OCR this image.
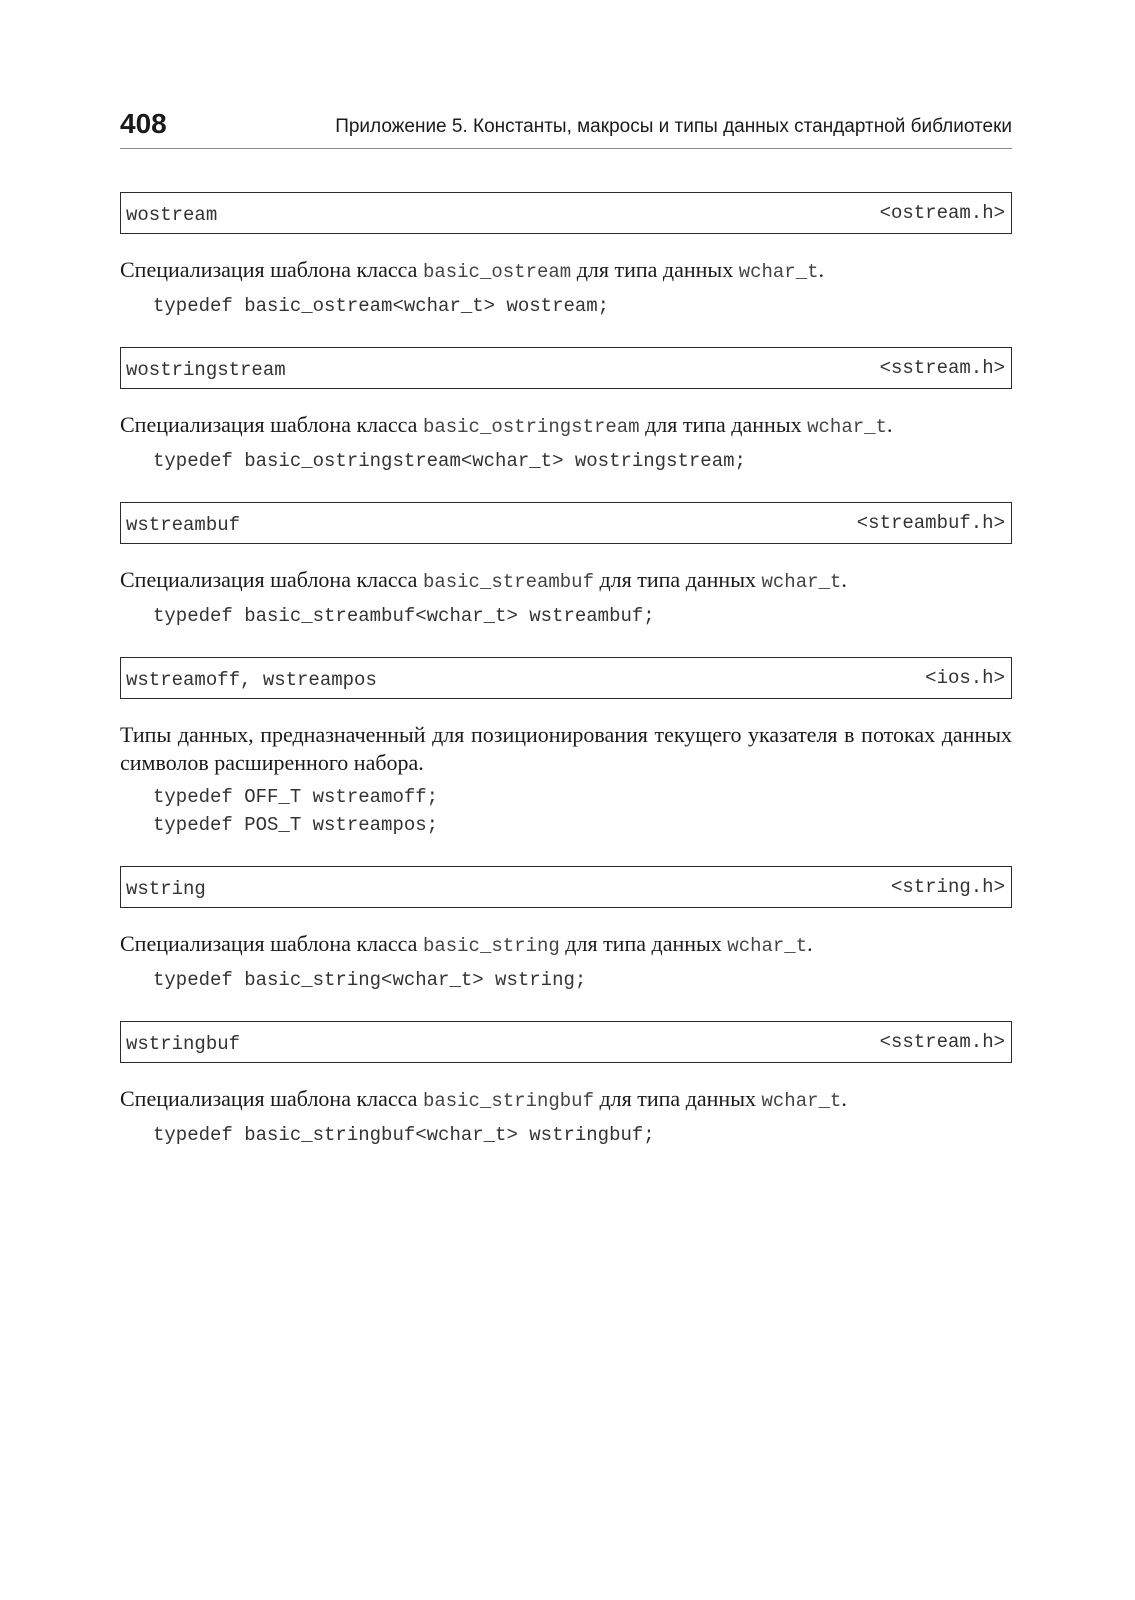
408	Приложение 5. Константы, макросы и типы данных стандартной библиотеки
wostream	<ostream.h>

Специализация шаблона класса basic_ostream для типа данных wchar_t.

typedef basic_ostream<wchar_t> wostream;
wostringstream	<sstream.h>

Специализация шаблона класса basic_ostringstream для типа данных wchar_t.

typedef basic_ostringstream<wchar_t> wostringstream;
wstreambuf	<streambuf.h>

Специализация шаблона класса basic_streambuf для типа данных wchar_t.

typedef basic_streambuf<wchar_t> wstreambuf;
wstreamoff, wstreampos	<ios.h>

Типы данных, предназначенный для позиционирования текущего указателя в потоках данных символов расширенного набора.

typedef OFF_T wstreamoff;
typedef POS_T wstreampos;
wstring	<string.h>

Специализация шаблона класса basic_string для типа данных wchar_t.

typedef basic_string<wchar_t> wstring;
wstringbuf	<sstream.h>

Специализация шаблона класса basic_stringbuf для типа данных wchar_t.

typedef basic_stringbuf<wchar_t> wstringbuf;
